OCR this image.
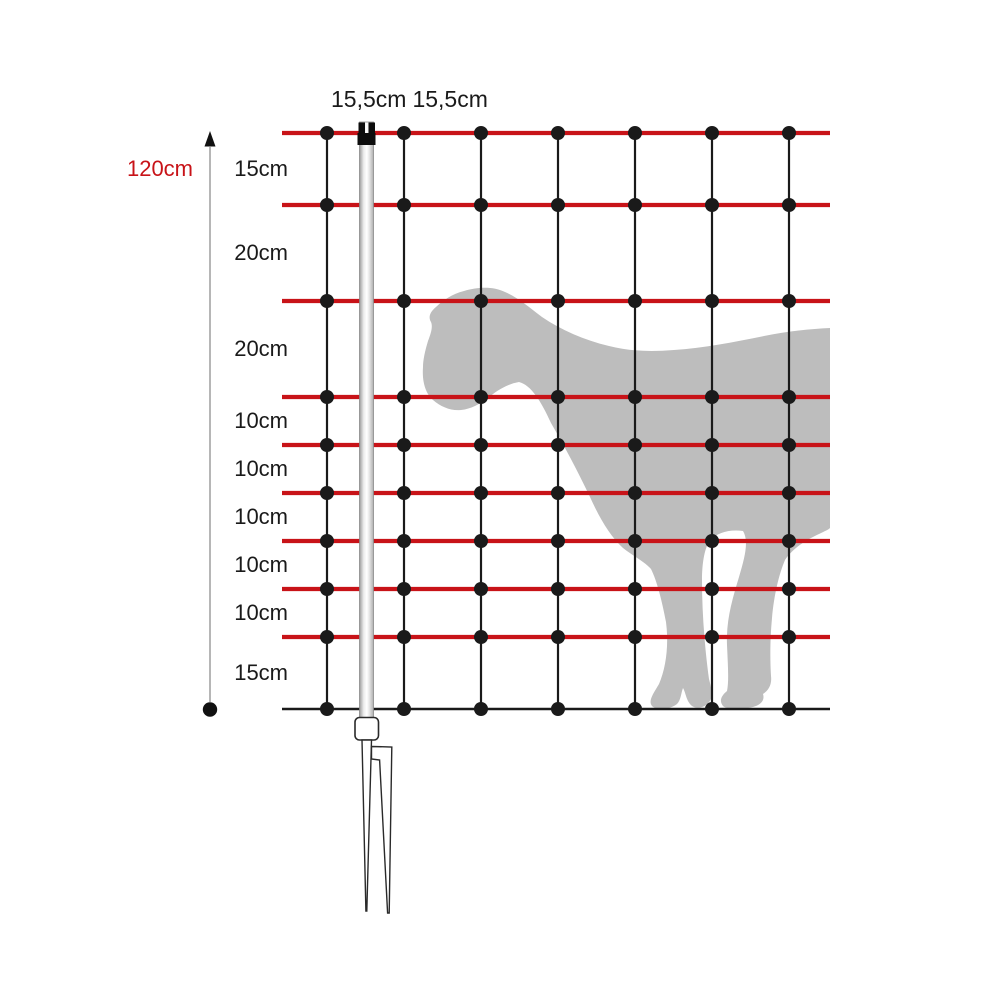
120cm
15,5cm 15,5cm
15cm
20cm
20cm
10cm
10cm
10cm
10cm
10cm
15cm
